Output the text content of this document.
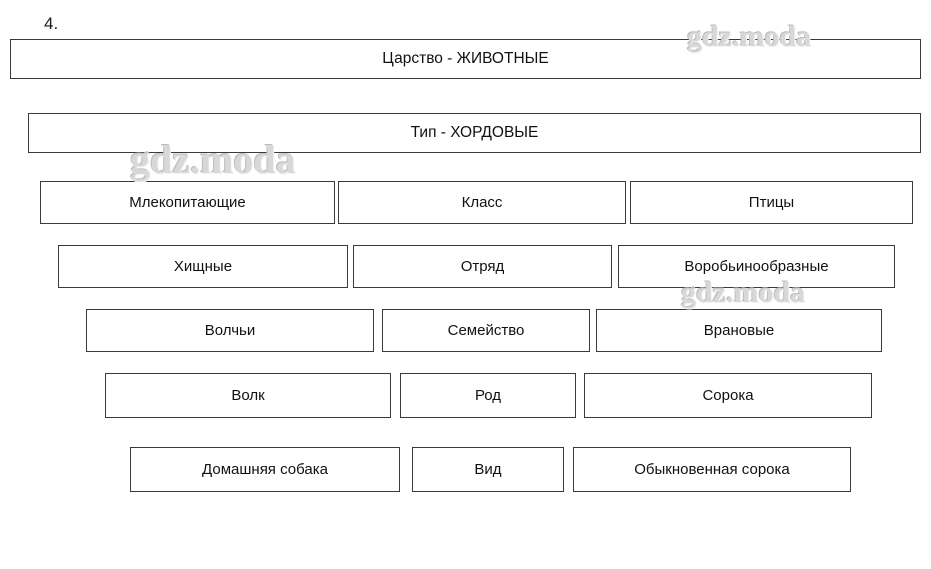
4.
Царство - ЖИВОТНЫЕ
Тип - ХОРДОВЫЕ
Млекопитающие	Класс	Птицы
Хищные	Отряд	Воробьинообразные
Волчьи	Семейство	Врановые
Волк	Род	Сорока
Домашняя собака	Вид	Обыкновенная сорока
gdz.moda
gdz.moda
gdz.moda
